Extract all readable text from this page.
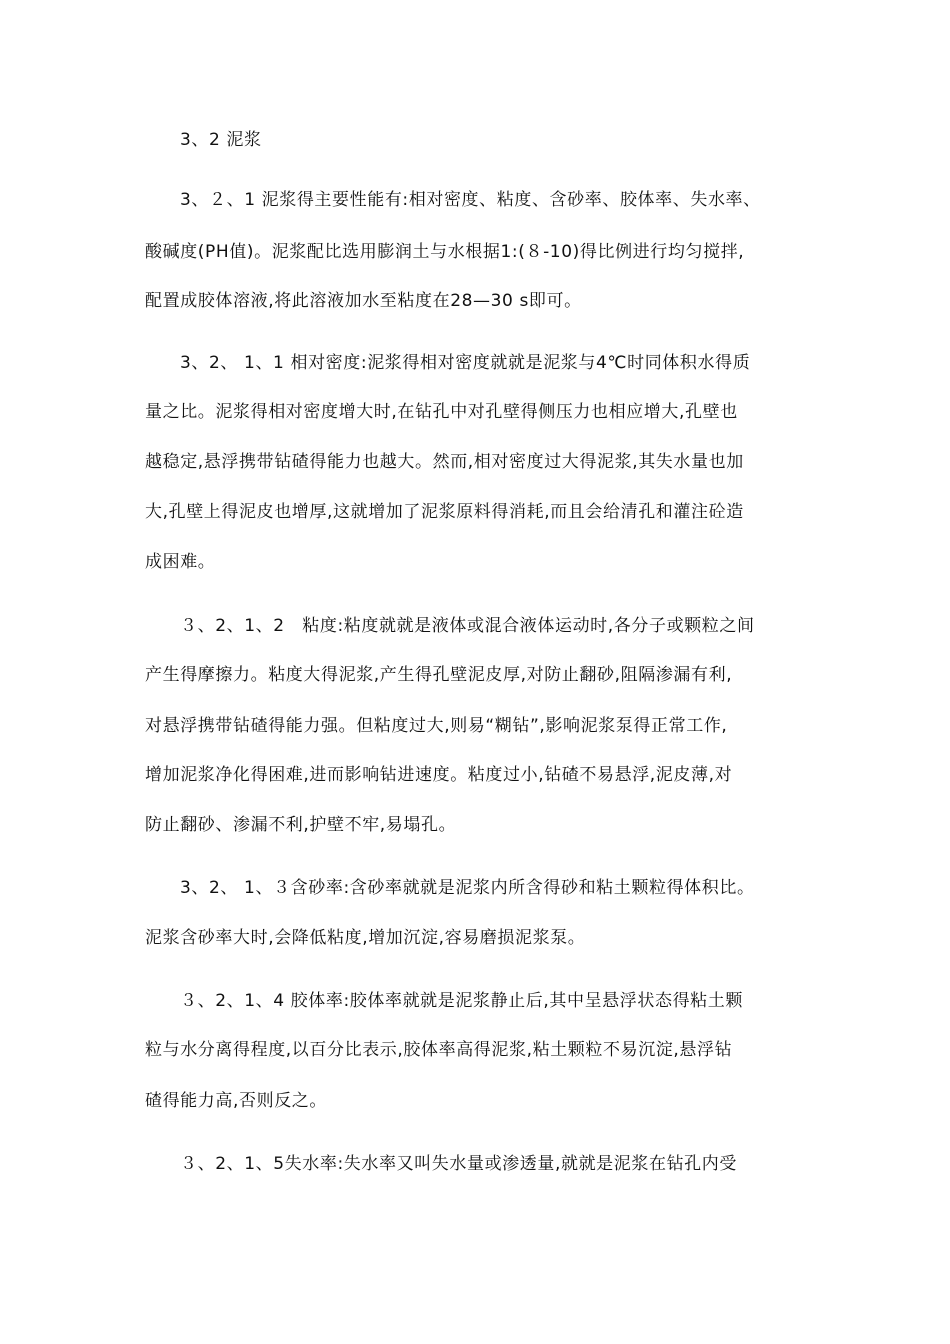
3、2 泥浆
3、２、1 泥浆得主要性能有:相对密度、粘度、含砂率、胶体率、失水率、
酸碱度(PH值)。泥浆配比选用膨润土与水根据1:(８-10)得比例进行均匀搅拌,
配置成胶体溶液,将此溶液加水至粘度在28—30 s即可。
3、2、 1、1 相对密度:泥浆得相对密度就就是泥浆与4℃时同体积水得质
量之比。泥浆得相对密度增大时,在钻孔中对孔壁得侧压力也相应增大,孔壁也
越稳定,悬浮携带钻碴得能力也越大。然而,相对密度过大得泥浆,其失水量也加
大,孔壁上得泥皮也增厚,这就增加了泥浆原料得消耗,而且会给清孔和灌注砼造
成困难。
３、2、1、2　粘度:粘度就就是液体或混合液体运动时,各分子或颗粒之间
产生得摩擦力。粘度大得泥浆,产生得孔壁泥皮厚,对防止翻砂,阻隔渗漏有利,
对悬浮携带钻碴得能力强。但粘度过大,则易“糊钻”,影响泥浆泵得正常工作,
增加泥浆净化得困难,进而影响钻进速度。粘度过小,钻碴不易悬浮,泥皮薄,对
防止翻砂、渗漏不利,护壁不牢,易塌孔。
3、2、 1、３含砂率:含砂率就就是泥浆内所含得砂和粘土颗粒得体积比。
泥浆含砂率大时,会降低粘度,增加沉淀,容易磨损泥浆泵。
３、2、1、4 胶体率:胶体率就就是泥浆静止后,其中呈悬浮状态得粘土颗
粒与水分离得程度,以百分比表示,胶体率高得泥浆,粘土颗粒不易沉淀,悬浮钻
碴得能力高,否则反之。
３、2、1、5失水率:失水率又叫失水量或渗透量,就就是泥浆在钻孔内受
